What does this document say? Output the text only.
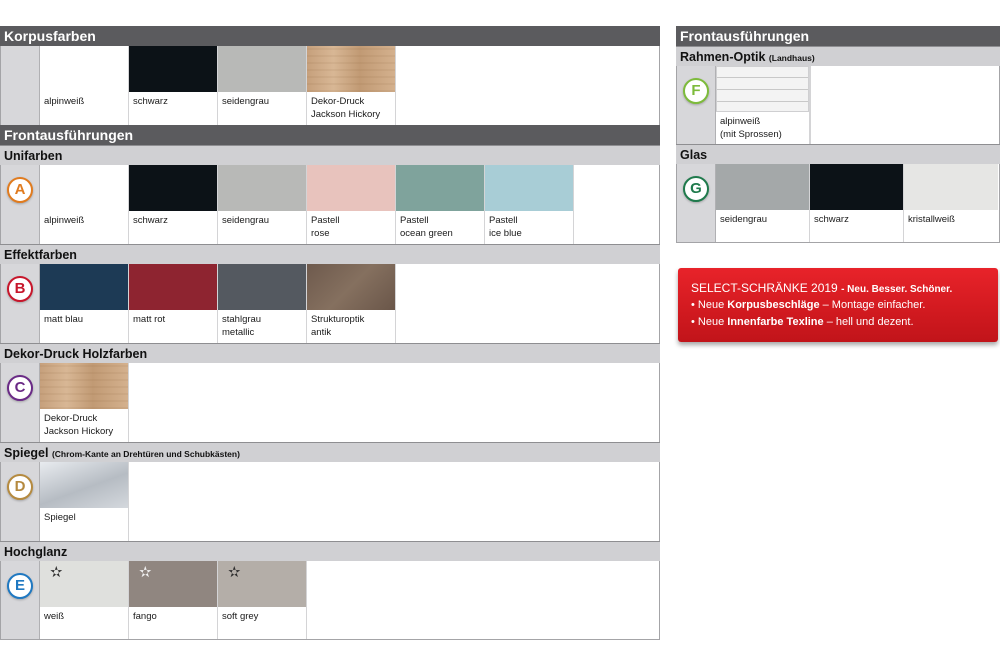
Korpusfarben
alpinweiß	schwarz	seidengrau	Dekor-Druck
Jackson Hickory
Frontausführungen
Unifarben
A
alpinweiß	schwarz	seidengrau	Pastell
rose
Pastell
ocean green
Pastell
ice blue
Effektfarben
B
matt blau	matt rot	stahlgrau
metallic
Strukturoptik
antik
Dekor-Druck Holzfarben
C
Dekor-Druck
Jackson Hickory
Spiegel (Chrom-Kante an Drehtüren und Schubkästen)
D
Spiegel
Hochglanz
E
✫
weiß
✫
fango
✫
soft grey
Frontausführungen
Rahmen-Optik (Landhaus)
F
alpinweiß
(mit Sprossen)
Glas
G
seidengrau	schwarz	kristallweiß
SELECT-SCHRÄNKE 2019 - Neu. Besser. Schöner.
• Neue Korpusbeschläge – Montage einfacher.
• Neue Innenfarbe Texline – hell und dezent.
